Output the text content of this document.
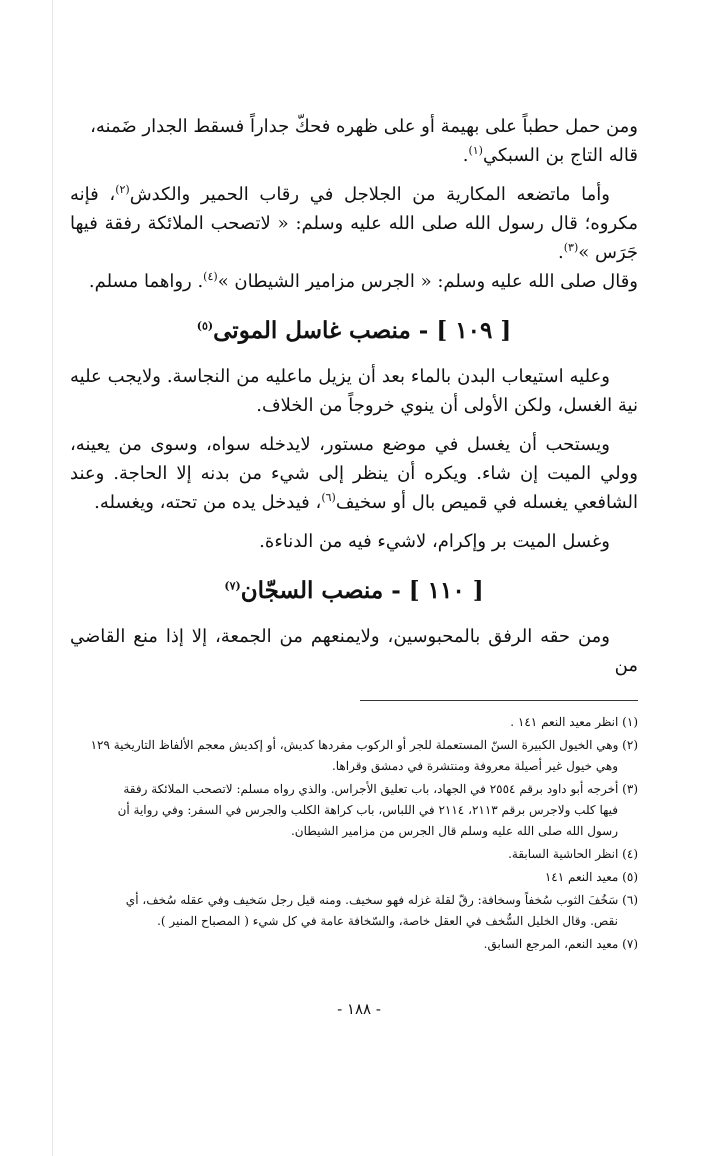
ومن حمل حطباً على بهيمة أو على ظهره فحكّ جداراً فسقط الجدار ضَمنه،
قاله التاج بن السبكي$^{(١)}$.

وأما ماتضعه المكارية من الجلاجل في رقاب الحمير والكدش$^{(٢)}$، فإنه مكروه؛ قال رسول الله صلى الله عليه وسلم: « لاتصحب الملائكة رفقة فيها جَرَس »$^{(٣)}$.
وقال صلى الله عليه وسلم: « الجرس مزامير الشيطان »$^{(٤)}$. رواهما مسلم.

[ ١٠٩ ] - منصب غاسل الموتى$^{(٥)}$

وعليه استيعاب البدن بالماء بعد أن يزيل ماعليه من النجاسة. ولايجب عليه نية الغسل، ولكن الأولى أن ينوي خروجاً من الخلاف.

ويستحب أن يغسل في موضع مستور، لايدخله سواه، وسوى من يعينه، وولي الميت إن شاء. ويكره أن ينظر إلى شيء من بدنه إلا الحاجة. وعند الشافعي يغسله في قميص بال أو سخيف$^{(٦)}$، فيدخل يده من تحته، ويغسله.

وغسل الميت بر وإكرام، لاشيء فيه من الدناءة.

[ ١١٠ ] - منصب السجّان$^{(٧)}$

ومن حقه الرفق بالمحبوسين، ولايمنعهم من الجمعة، إلا إذا منع القاضي من

(١) انظر معيد النعم ١٤١ .
(٢) وهي الخيول الكبيرة السنّ المستعملة للجر أو الركوب مفردها كديش، أو إكديش معجم الألفاظ التاريخية ١٢٩
وهي خيول غير أصيلة معروفة ومنتشرة في دمشق وقراها.
(٣) أخرجه أبو داود برقم ٢٥٥٤ في الجهاد، باب تعليق الأجراس. والذي رواه مسلم: لاتصحب الملائكة رفقة
فيها كلب ولاجرس برقم ٢١١٣، ٢١١٤ في اللباس، باب كراهة الكلب والجرس في السفر: وفي رواية أن
رسول الله صلى الله عليه وسلم قال الجرس من مزامير الشيطان.
(٤) انظر الحاشية السابقة.
(٥) معيد النعم ١٤١
(٦) سَخُفَ الثوب سُخفاً وسخافة: رقّ لقلة غزله فهو سخيف. ومنه قيل رجل سَخيف وفي عقله سُخف، أي
نقص. وقال الخليل السُّخف في العقل خاصة، والسّخافة عامة في كل شيء ( المصباح المنير ).
(٧) معيد النعم، المرجع السابق.
- ١٨٨ -
